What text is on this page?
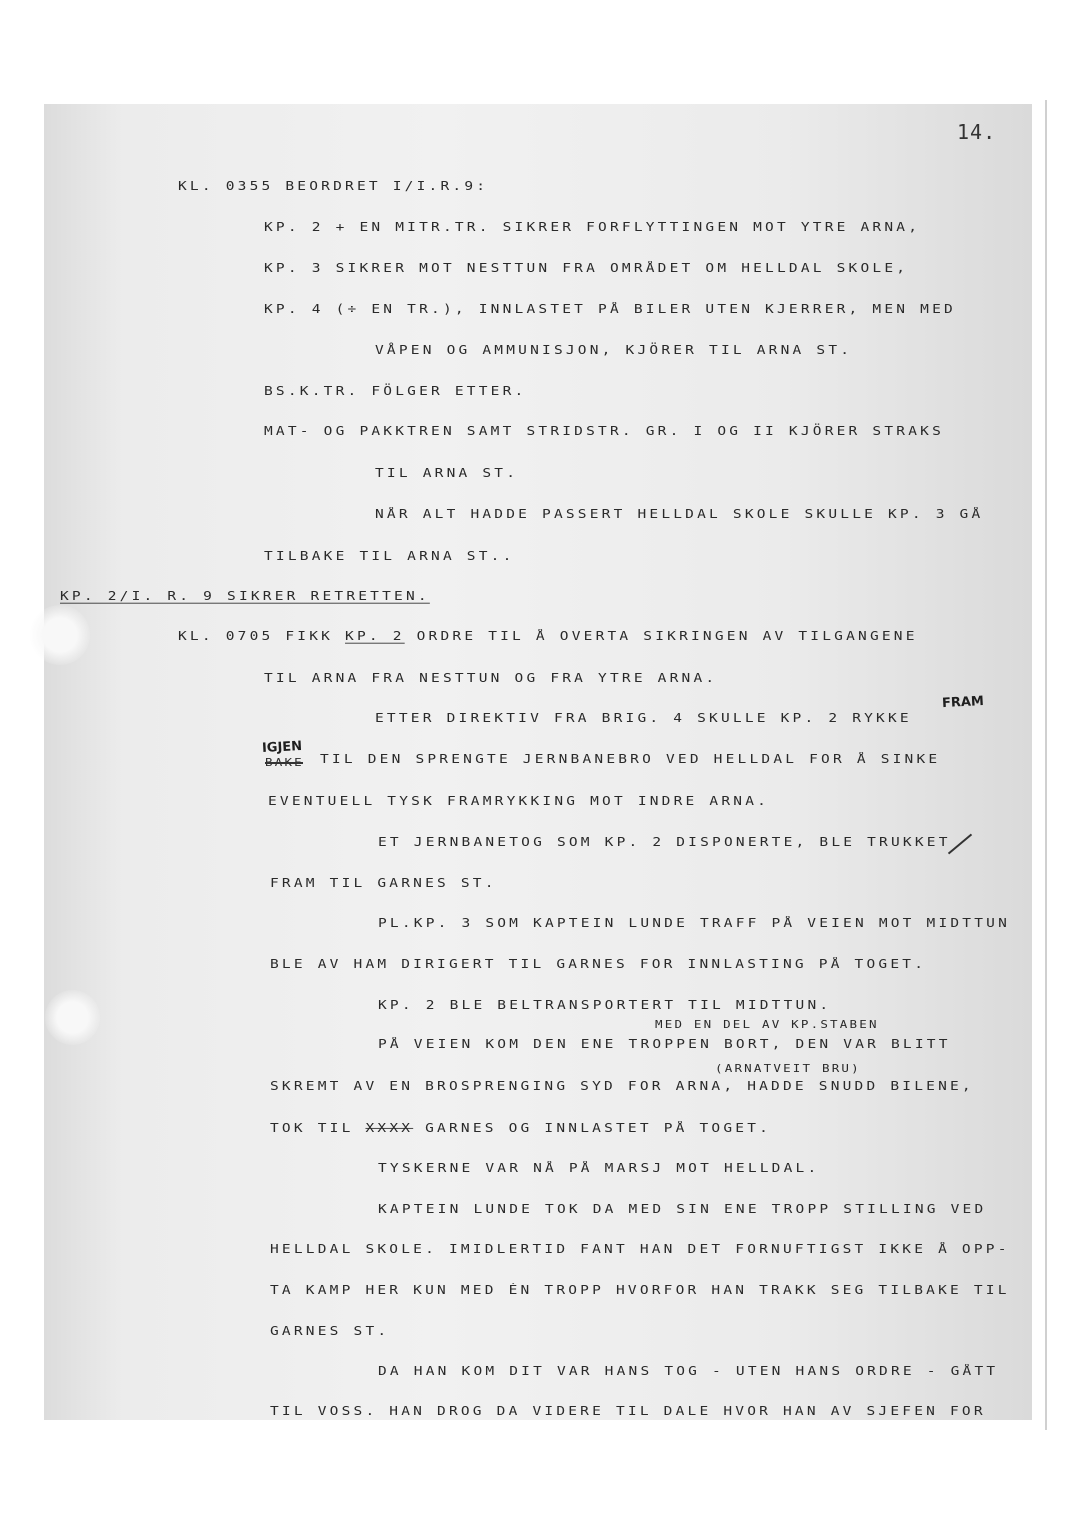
14.
KL. 0355 BEORDRET I/I.R.9:
KP. 2 + EN MITR.TR. SIKRER FORFLYTTINGEN MOT YTRE ARNA,
KP. 3 SIKRER MOT NESTTUN FRA OMRÅDET OM HELLDAL SKOLE,
KP. 4 (÷ EN TR.), INNLASTET PÅ BILER UTEN KJERRER, MEN MED
VÅPEN OG AMMUNISJON, KJÖRER TIL ARNA ST.
BS.K.TR. FÖLGER ETTER.
MAT- OG PAKKTREN SAMT STRIDSTR. GR. I OG II KJÖRER STRAKS
TIL ARNA ST.
NÅR ALT HADDE PASSERT HELLDAL SKOLE SKULLE KP. 3 GÅ
TILBAKE TIL ARNA ST..
KP. 2/I. R. 9 SIKRER RETRETTEN.
KL. 0705 FIKK KP. 2 ORDRE TIL Å OVERTA SIKRINGEN AV TILGANGENE
TIL ARNA FRA NESTTUN OG FRA YTRE ARNA.
ETTER DIREKTIV FRA BRIG. 4 SKULLE KP. 2 RYKKE
FRAM
IGJEN
TIL DEN SPRENGTE JERNBANEBRO VED HELLDAL FOR Å SINKE
EVENTUELL TYSK FRAMRYKKING MOT INDRE ARNA.
ET JERNBANETOG SOM KP. 2 DISPONERTE, BLE TRUKKET
FRAM TIL GARNES ST.
PL.KP. 3 SOM KAPTEIN LUNDE TRAFF PÅ VEIEN MOT MIDTTUN
BLE AV HAM DIRIGERT TIL GARNES FOR INNLASTING PÅ TOGET.
KP. 2 BLE BELTRANSPORTERT TIL MIDTTUN.
MED EN DEL AV KP.STABEN
PÅ VEIEN KOM DEN ENE TROPPEN BORT, DEN VAR BLITT
(ARNATVEIT BRU)
SKREMT AV EN BROSPRENGING SYD FOR ARNA, HADDE SNUDD BILENE,
TOK TIL XXXX GARNES OG INNLASTET PÅ TOGET.
TYSKERNE VAR NÅ PÅ MARSJ MOT HELLDAL.
KAPTEIN LUNDE TOK DA MED SIN ENE TROPP STILLING VED
HELLDAL SKOLE. IMIDLERTID FANT HAN DET FORNUFTIGST IKKE Å OPP-
TA KAMP HER KUN MED ÉN TROPP HVORFOR HAN TRAKK SEG TILBAKE TIL
GARNES ST.
DA HAN KOM DIT VAR HANS TOG - UTEN HANS ORDRE - GÅTT
TIL VOSS. HAN DROG DA VIDERE TIL DALE HVOR HAN AV SJEFEN FOR
